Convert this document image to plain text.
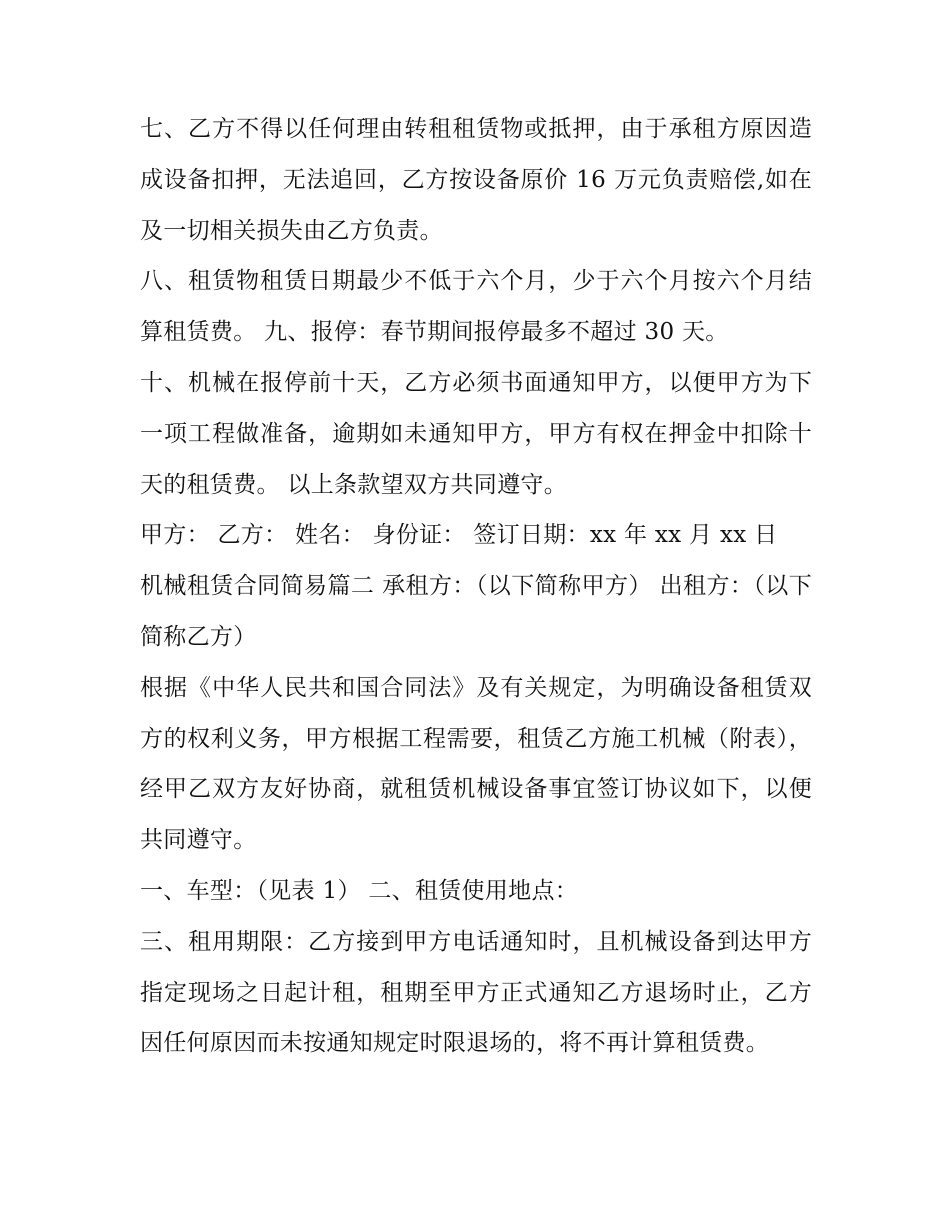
七、乙方不得以任何理由转租租赁物或抵押，由于承租方原因造成设备扣押，无法追回，乙方按设备原价 16 万元负责赔偿,如在及一切相关损失由乙方负责。

八、租赁物租赁日期最少不低于六个月，少于六个月按六个月结算租赁费。 九、报停：春节期间报停最多不超过 30 天。

十、机械在报停前十天，乙方必须书面通知甲方，以便甲方为下一项工程做准备，逾期如未通知甲方，甲方有权在押金中扣除十天的租赁费。 以上条款望双方共同遵守。

甲方： 乙方： 姓名： 身份证： 签订日期：xx 年 xx 月 xx 日

机械租赁合同简易篇二 承租方：（以下简称甲方） 出租方：（以下简称乙方）

根据《中华人民共和国合同法》及有关规定，为明确设备租赁双方的权利义务，甲方根据工程需要，租赁乙方施工机械（附表），经甲乙双方友好协商，就租赁机械设备事宜签订协议如下，以便共同遵守。

一、车型：（见表 1） 二、租赁使用地点：

三、租用期限：乙方接到甲方电话通知时，且机械设备到达甲方指定现场之日起计租，租期至甲方正式通知乙方退场时止，乙方因任何原因而未按通知规定时限退场的，将不再计算租赁费。
